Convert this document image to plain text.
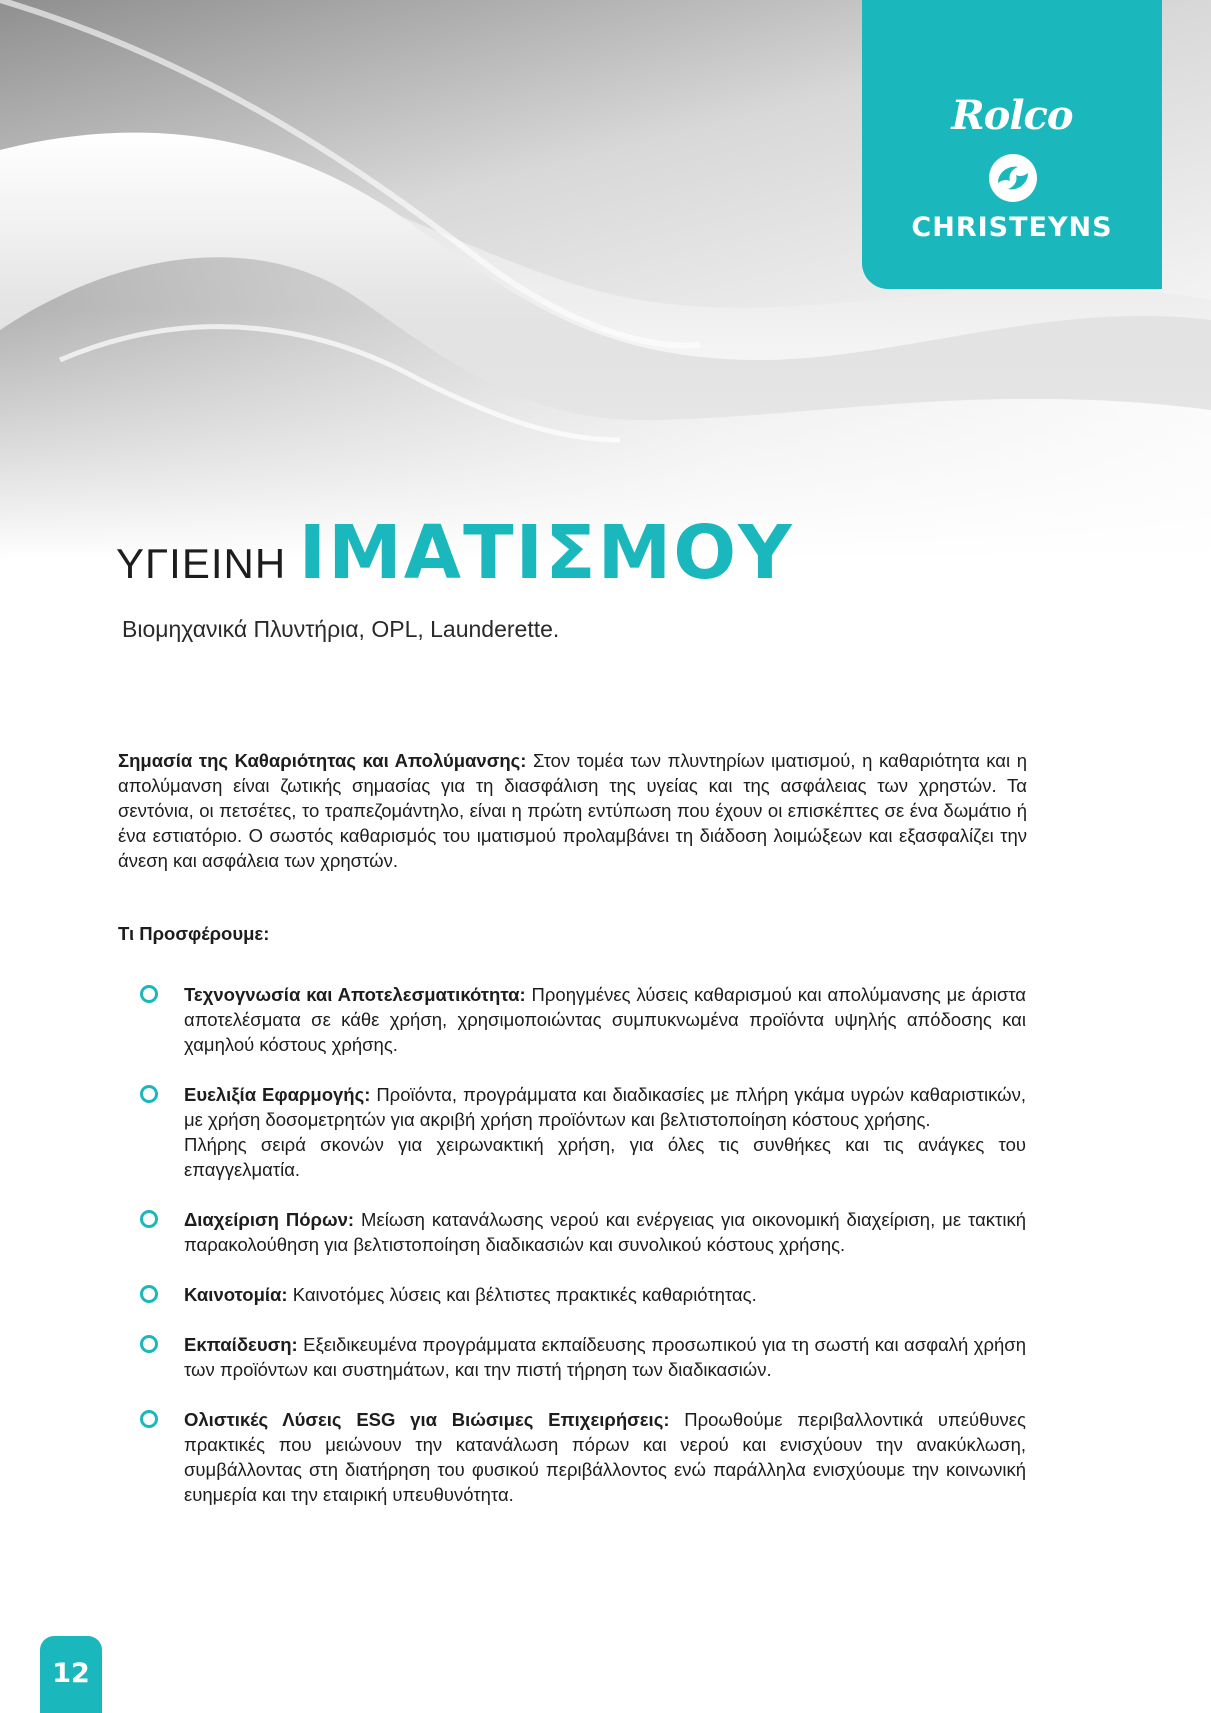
Rolco
CHRISTEYNS
ΥΓΙΕΙΝΗ ΙΜΑΤΙΣΜΟΥ
Βιομηχανικά Πλυντήρια, OPL, Launderette.
Σημασία της Καθαριότητας και Απολύμανσης: Στον τομέα των πλυντηρίων ιματισμού, η καθαριότητα και η απολύμανση είναι ζωτικής σημασίας για τη διασφάλιση της υγείας και της ασφάλειας των χρηστών. Τα σεντόνια, οι πετσέτες, το τραπεζομάντηλο, είναι η πρώτη εντύπωση που έχουν οι επισκέπτες σε ένα δωμάτιο ή ένα εστιατόριο. Ο σωστός καθαρισμός του ιματισμού προλαμβάνει τη διάδοση λοιμώξεων και εξασφαλίζει την άνεση και ασφάλεια των χρηστών.
Τι Προσφέρουμε:
Τεχνογνωσία και Αποτελεσματικότητα: Προηγμένες λύσεις καθαρισμού και απολύμανσης με άριστα αποτελέσματα σε κάθε χρήση, χρησιμοποιώντας συμπυκνωμένα προϊόντα υψηλής απόδοσης και χαμηλού κόστους χρήσης.
Ευελιξία Εφαρμογής: Προϊόντα, προγράμματα και διαδικασίες με πλήρη γκάμα υγρών καθαριστικών, με χρήση δοσομετρητών για ακριβή χρήση προϊόντων και βελτιστοποίηση κόστους χρήσης.
Πλήρης σειρά σκονών για χειρωνακτική χρήση, για όλες τις συνθήκες και τις ανάγκες του επαγγελματία.
Διαχείριση Πόρων: Μείωση κατανάλωσης νερού και ενέργειας για οικονομική διαχείριση, με τακτική παρακολούθηση για βελτιστοποίηση διαδικασιών και συνολικού κόστους χρήσης.
Καινοτομία: Καινοτόμες λύσεις και βέλτιστες πρακτικές καθαριότητας.
Εκπαίδευση: Εξειδικευμένα προγράμματα εκπαίδευσης προσωπικού για τη σωστή και ασφαλή χρήση των προϊόντων και συστημάτων, και την πιστή τήρηση των διαδικασιών.
Ολιστικές Λύσεις ESG για Βιώσιμες Επιχειρήσεις: Προωθούμε περιβαλλοντικά υπεύθυνες πρακτικές που μειώνουν την κατανάλωση πόρων και νερού και ενισχύουν την ανακύκλωση, συμβάλλοντας στη διατήρηση του φυσικού περιβάλλοντος ενώ παράλληλα ενισχύουμε την κοινωνική ευημερία και την εταιρική υπευθυνότητα.
12
